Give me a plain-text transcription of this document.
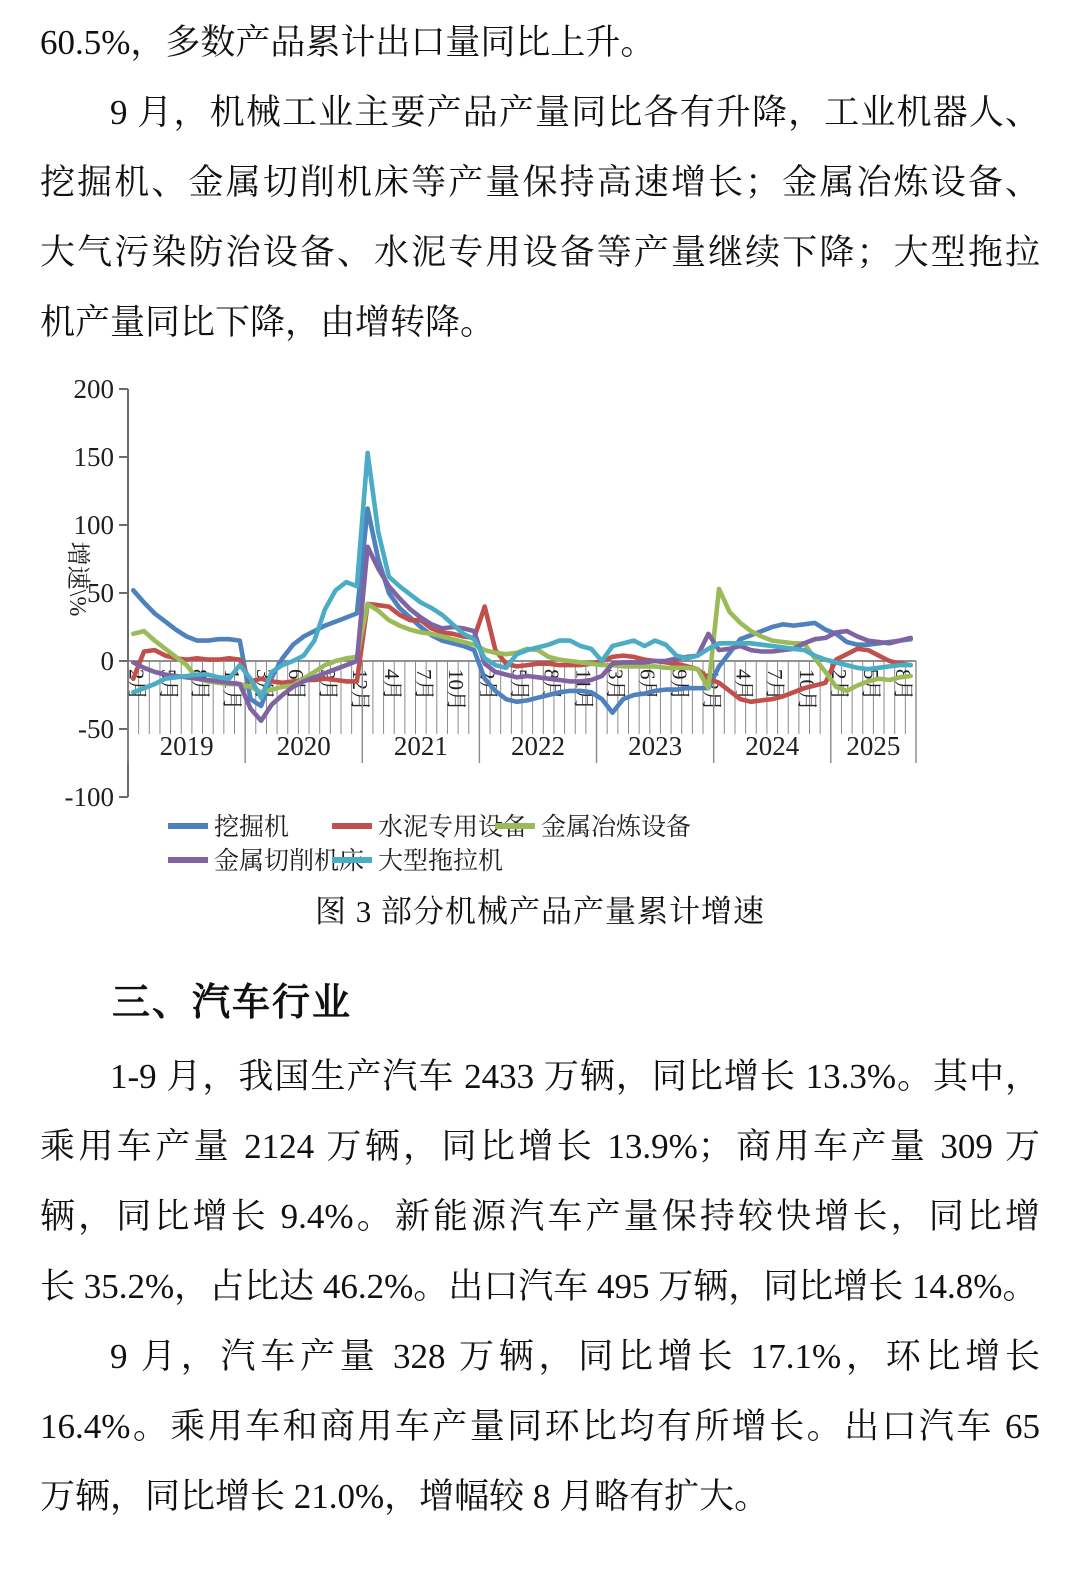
60.5%，多数产品累计出口量同比上升。
9 月，机械工业主要产品产量同比各有升降，工业机器人、
挖掘机、金属切削机床等产量保持高速增长；金属冶炼设备、
大气污染防治设备、水泥专用设备等产量继续下降；大型拖拉
机产量同比下降，由增转降。
200
150
100
50
0
-50
-100
增速\%
2月 5月 8月 11月 3月 6月 9月 12月 4月 7月 10月 2月 5月 8月 11月 3月 6月 9月 12月 4月 7月 10月 2月 5月 8月
2019 2020 2021 2022 2023 2024 2025
挖掘机	水泥专用设备 金属冶炼设备
金属切削机床 大型拖拉机
图 3 部分机械产品产量累计增速
三、汽车行业
1-9 月，我国生产汽车 2433 万辆，同比增长 13.3%。其中，
乘用车产量 2124 万辆，同比增长 13.9%；商用车产量 309 万
辆，同比增长 9.4%。新能源汽车产量保持较快增长，同比增
长 35.2%，占比达 46.2%。出口汽车 495 万辆，同比增长 14.8%。
9 月，汽车产量 328 万辆，同比增长 17.1%，环比增长
16.4%。乘用车和商用车产量同环比均有所增长。出口汽车 65
万辆，同比增长 21.0%，增幅较 8 月略有扩大。
